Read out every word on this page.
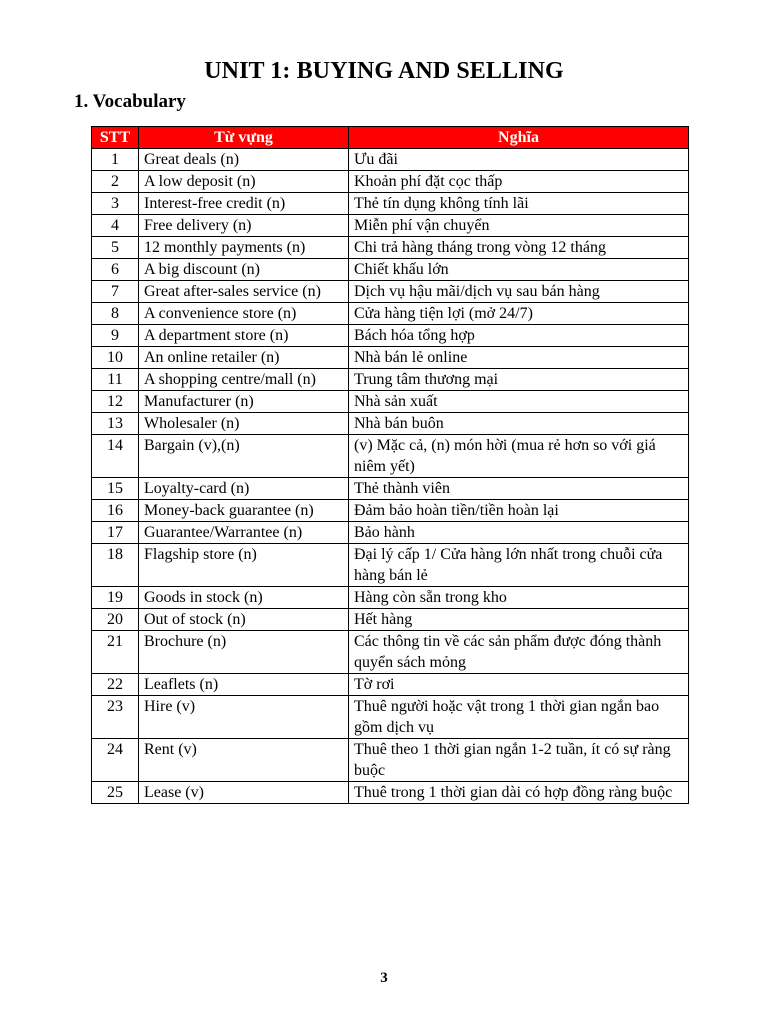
UNIT 1: BUYING AND SELLING
1. Vocabulary
STT	Từ vựng	Nghĩa
1	Great deals (n)	Ưu đãi
2	A low deposit (n)	Khoản phí đặt cọc thấp
3	Interest-free credit (n)	Thẻ tín dụng không tính lãi
4	Free delivery (n)	Miễn phí vận chuyển
5	12 monthly payments (n)	Chi trả hàng tháng trong vòng 12 tháng
6	A big discount (n)	Chiết khấu lớn
7	Great after-sales service (n)	Dịch vụ hậu mãi/dịch vụ sau bán hàng
8	A convenience store (n)	Cửa hàng tiện lợi (mở 24/7)
9	A department store (n)	Bách hóa tổng hợp
10	An online retailer (n)	Nhà bán lẻ online
11	A shopping centre/mall (n)	Trung tâm thương mại
12	Manufacturer (n)	Nhà sản xuất
13	Wholesaler (n)	Nhà bán buôn
14	Bargain (v),(n)	(v) Mặc cả, (n) món hời (mua rẻ hơn so với giá niêm yết)
15	Loyalty-card (n)	Thẻ thành viên
16	Money-back guarantee (n)	Đảm bảo hoàn tiền/tiền hoàn lại
17	Guarantee/Warrantee (n)	Bảo hành
18	Flagship store (n)	Đại lý cấp 1/ Cửa hàng lớn nhất trong chuỗi cửa hàng bán lẻ
19	Goods in stock (n)	Hàng còn sẵn trong kho
20	Out of stock (n)	Hết hàng
21	Brochure (n)	Các thông tin về các sản phẩm được đóng thành quyển sách mỏng
22	Leaflets (n)	Tờ rơi
23	Hire (v)	Thuê người hoặc vật trong 1 thời gian ngắn bao gồm dịch vụ
24	Rent (v)	Thuê theo 1 thời gian ngắn 1-2 tuần, ít có sự ràng buộc
25	Lease (v)	Thuê trong 1 thời gian dài có hợp đồng ràng buộc
3
